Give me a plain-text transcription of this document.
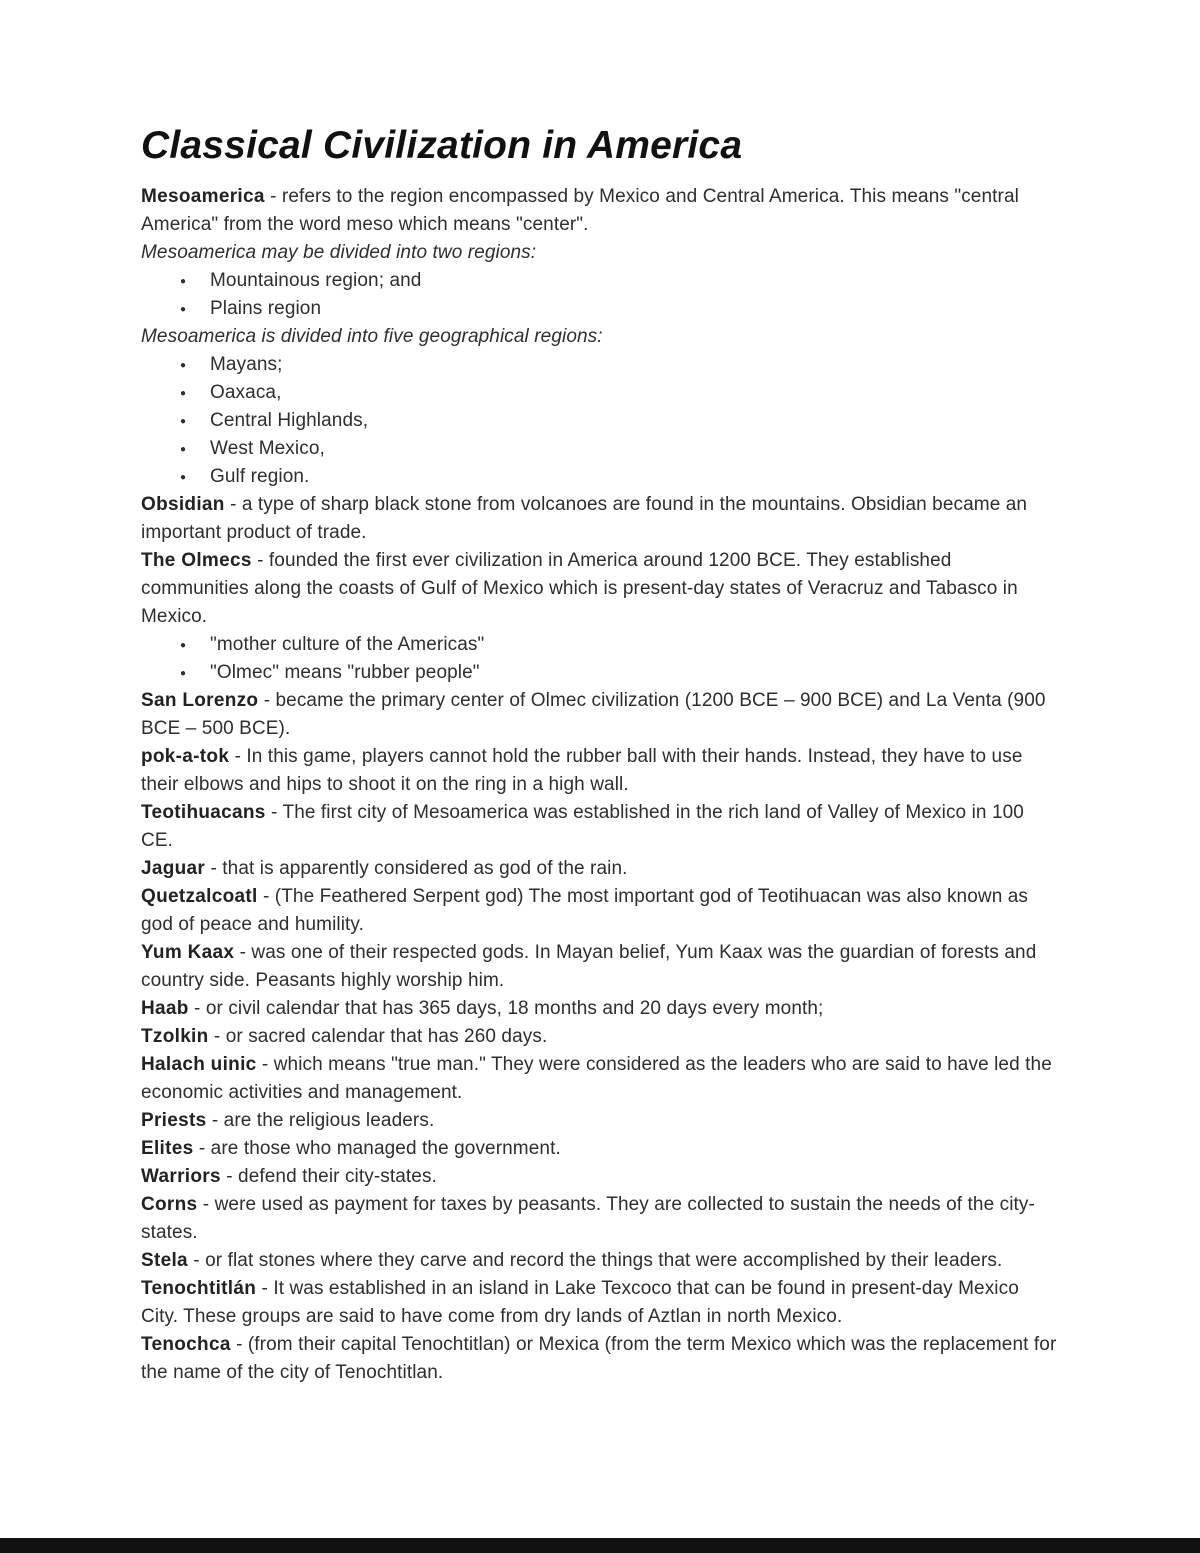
Classical Civilization in America

Mesoamerica - refers to the region encompassed by Mexico and Central America. This means "central America" from the word meso which means "center".

Mesoamerica may be divided into two regions:

● Mountainous region; and
● Plains region

Mesoamerica is divided into five geographical regions:

● Mayans;
● Oaxaca,
● Central Highlands,
● West Mexico,
● Gulf region.

Obsidian - a type of sharp black stone from volcanoes are found in the mountains. Obsidian became an important product of trade.

The Olmecs - founded the first ever civilization in America around 1200 BCE. They established communities along the coasts of Gulf of Mexico which is present-day states of Veracruz and Tabasco in Mexico.

● "mother culture of the Americas"
● "Olmec" means "rubber people"

San Lorenzo - became the primary center of Olmec civilization (1200 BCE – 900 BCE) and La Venta (900 BCE – 500 BCE).

pok-a-tok - In this game, players cannot hold the rubber ball with their hands. Instead, they have to use their elbows and hips to shoot it on the ring in a high wall.

Teotihuacans - The first city of Mesoamerica was established in the rich land of Valley of Mexico in 100 CE.

Jaguar - that is apparently considered as god of the rain.

Quetzalcoatl - (The Feathered Serpent god) The most important god of Teotihuacan was also known as god of peace and humility.

Yum Kaax - was one of their respected gods. In Mayan belief, Yum Kaax was the guardian of forests and country side. Peasants highly worship him.

Haab - or civil calendar that has 365 days, 18 months and 20 days every month;

Tzolkin - or sacred calendar that has 260 days.

Halach uinic - which means "true man." They were considered as the leaders who are said to have led the economic activities and management.

Priests - are the religious leaders.

Elites - are those who managed the government.

Warriors - defend their city-states.

Corns - were used as payment for taxes by peasants. They are collected to sustain the needs of the city-states.

Stela - or flat stones where they carve and record the things that were accomplished by their leaders.

Tenochtitlán - It was established in an island in Lake Texcoco that can be found in present-day Mexico City. These groups are said to have come from dry lands of Aztlan in north Mexico.

Tenochca - (from their capital Tenochtitlan) or Mexica (from the term Mexico which was the replacement for the name of the city of Tenochtitlan.
